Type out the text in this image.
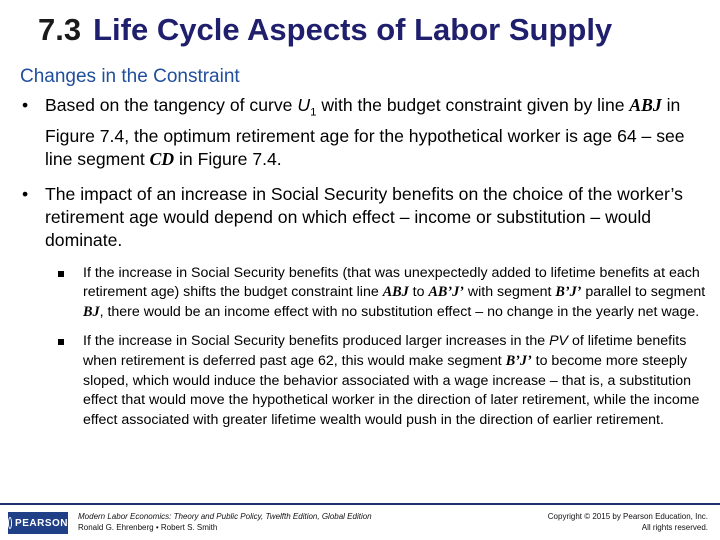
7.3 Life Cycle Aspects of Labor Supply
Changes in the Constraint
• Based on the tangency of curve $U_1$ with the budget constraint given by line ABJ in Figure 7.4, the optimum retirement age for the hypothetical worker is age 64 – see line segment CD in Figure 7.4.
• The impact of an increase in Social Security benefits on the choice of the worker’s retirement age would depend on which effect – income or substitution – would dominate.
If the increase in Social Security benefits (that was unexpectedly added to lifetime benefits at each retirement age) shifts the budget constraint line ABJ to AB’J’ with segment B’J’ parallel to segment BJ, there would be an income effect with no substitution effect – no change in the yearly net wage.
If the increase in Social Security benefits produced larger increases in the PV of lifetime benefits when retirement is deferred past age 62, this would make segment B’J’ to become more steeply sloped, which would induce the behavior associated with a wage increase – that is, a substitution effect that would move the hypothetical worker in the direction of later retirement, while the income effect associated with greater lifetime wealth would push in the direction of earlier retirement.
PEARSON
Modern Labor Economics: Theory and Public Policy, Twelfth Edition, Global Edition
Ronald G. Ehrenberg • Robert S. Smith
Copyright © 2015 by Pearson Education, Inc.
All rights reserved.
